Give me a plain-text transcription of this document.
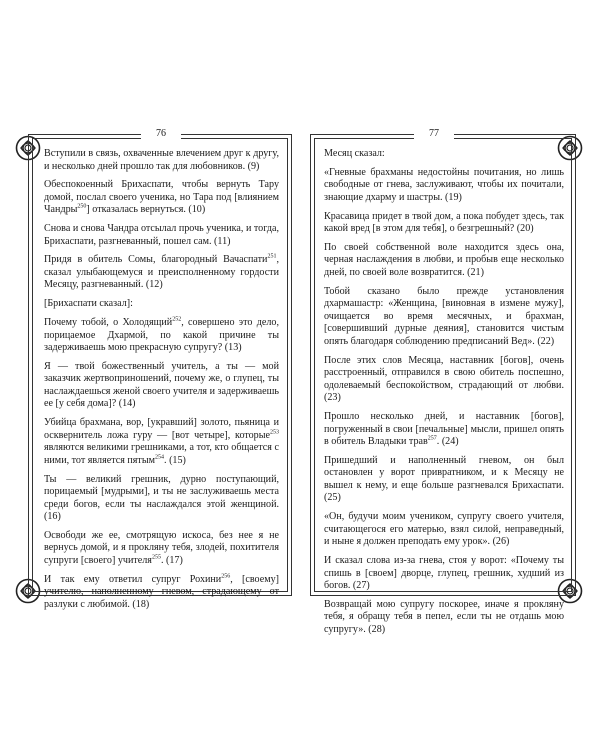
76

Вступили в связь, охваченные влечением друг к другу, и несколько дней прошло так для любовников. (9)

Обеспокоенный Брихаспати, чтобы вернуть Тару домой, послал своего ученика, но Тара под [влиянием Чандры$^{250}$] отказалась вернуться. (10)

Снова и снова Чандра отсылал прочь ученика, и тогда, Брихаспати, разгневанный, пошел сам. (11)

Придя в обитель Сомы, благородный Вачаспати$^{251}$, сказал улыбающемуся и преисполненному гордости Месяцу, разгневанный. (12)

[Брихаспати сказал]:

Почему тобой, о Холодящий$^{252}$, совершено это дело, порицаемое Дхармой, по какой причине ты задерживаешь мою прекрасную супругу? (13)

Я — твой божественный учитель, а ты — мой заказчик жертвоприношений, почему же, о глупец, ты наслаждаешься женой своего учителя и задерживаешь ее [у себя дома]? (14)

Убийца брахмана, вор, [укравший] золото, пьяница и осквернитель ложа гуру — [вот четыре], которые$^{253}$ являются великими грешниками, а тот, кто общается с ними, тот является пятым$^{254}$. (15)

Ты — великий грешник, дурно поступающий, порицаемый [мудрыми], и ты не заслуживаешь места среди богов, если ты наслаждался этой женщиной. (16)

Освободи же ее, смотрящую искоса, без нее я не вернусь домой, и я прокляну тебя, злодей, похитителя супруги [своего] учителя$^{255}$. (17)

И так ему ответил супруг Рохини$^{256}$, [своему] учителю, наполненному гневом, страдающему от разлуки с любимой. (18)

77

Месяц сказал:

«Гневные брахманы недостойны почитания, но лишь свободные от гнева, заслуживают, чтобы их почитали, знающие дхарму и шастры. (19)

Красавица придет в твой дом, а пока побудет здесь, так какой вред [в этом для тебя], о безгрешный? (20)

По своей собственной воле находится здесь она, черная наслаждения в любви, и пробыв еще несколько дней, по своей воле возвратится. (21)

Тобой сказано было прежде установления дхармашастр: «Женщина, [виновная в измене мужу], очищается во время месячных, и брахман, [совершивший дурные деяния], становится чистым опять благодаря соблюдению предписаний Вед». (22)

После этих слов Месяца, наставник [богов], очень расстроенный, отправился в свою обитель поспешно, одолеваемый беспокойством, страдающий от любви. (23)

Прошло несколько дней, и наставник [богов], погруженный в свои [печальные] мысли, пришел опять в обитель Владыки трав$^{257}$. (24)

Пришедший и наполненный гневом, он был остановлен у ворот привратником, и к Месяцу не вышел к нему, и еще больше разгневался Брихаспати. (25)

«Он, будучи моим учеником, супругу своего учителя, считающегося его матерью, взял силой, неправедный, и ныне я должен преподать ему урок». (26)

И сказал слова из-за гнева, стоя у ворот: «Почему ты спишь в [своем] дворце, глупец, грешник, худший из богов. (27)

Возвращай мою супругу поскорее, иначе я прокляну тебя, я обращу тебя в пепел, если ты не отдашь мою супругу». (28)
